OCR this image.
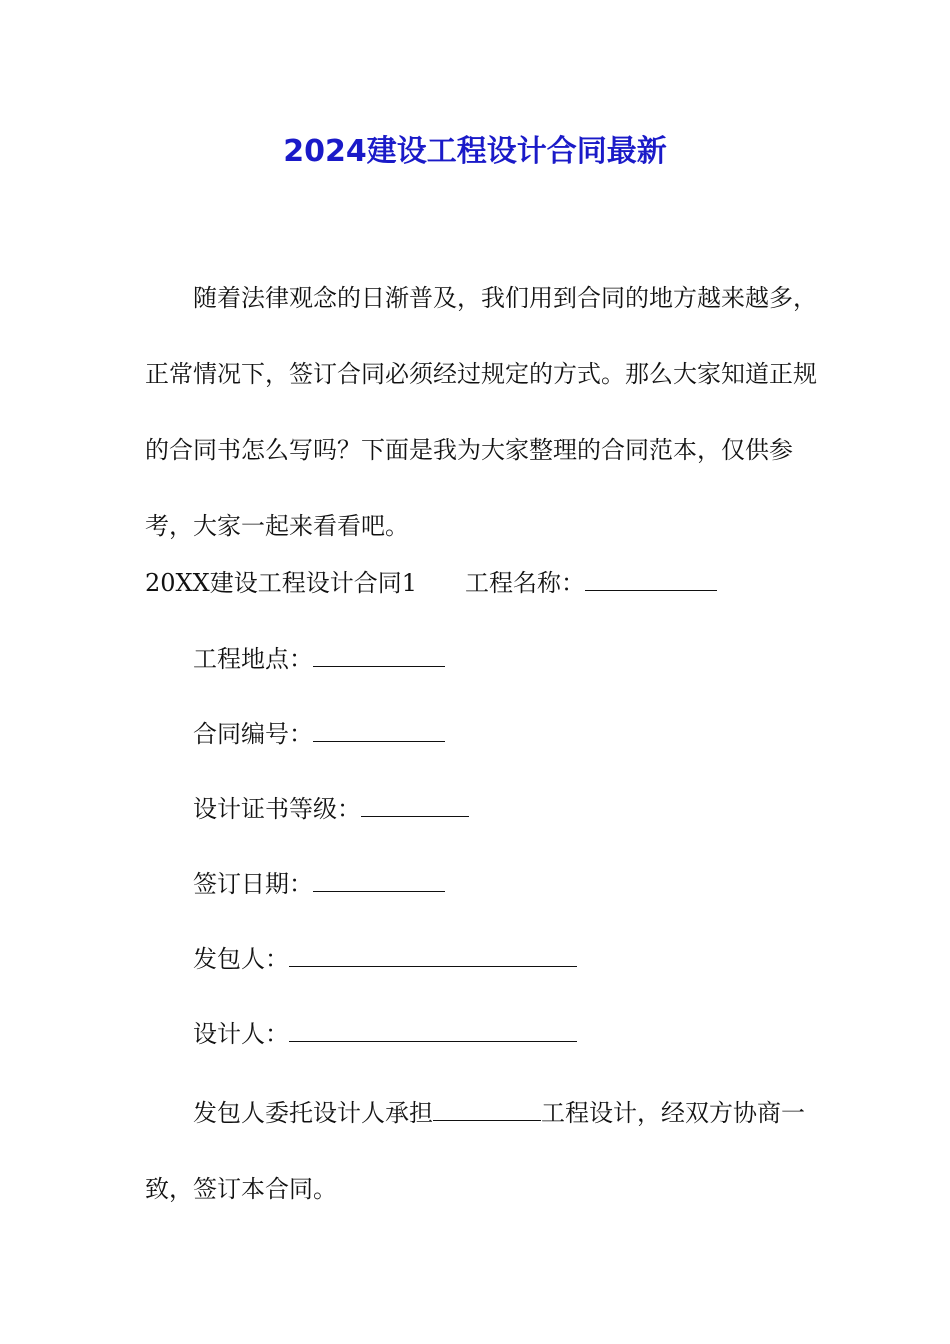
2024建设工程设计合同最新

随着法律观念的日渐普及，我们用到合同的地方越来越多，正常情况下，签订合同必须经过规定的方式。那么大家知道正规的合同书怎么写吗？下面是我为大家整理的合同范本，仅供参考，大家一起来看看吧。

20XX建设工程设计合同1 工程名称：
工程地点：
合同编号：
设计证书等级：
签订日期：
发包人：
设计人：

发包人委托设计人承担	工程设计，经双方协商一致，签订本合同。
